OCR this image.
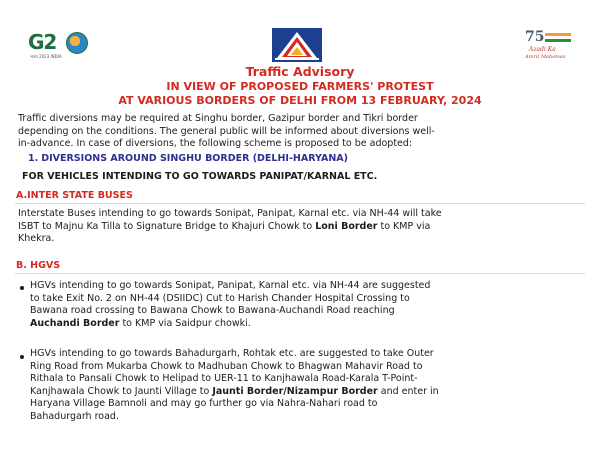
G2
भारत 2023 INDIA
75
Azadi Ka
Amrit Mahotsav
Traffic Advisory
IN VIEW OF PROPOSED FARMERS' PROTEST
AT VARIOUS BORDERS OF DELHI FROM 13 FEBRUARY, 2024
Traffic diversions may be required at Singhu border, Gazipur border and Tikri border
depending on the conditions. The general public will be informed about diversions well-
in-advance. In case of diversions, the following scheme is proposed to be adopted:
1. DIVERSIONS AROUND SINGHU BORDER (DELHI-HARYANA)
FOR VEHICLES INTENDING TO GO TOWARDS PANIPAT/KARNAL ETC.
A.INTER STATE BUSES
Interstate Buses intending to go towards Sonipat, Panipat, Karnal etc. via NH-44 will take
ISBT to Majnu Ka Tilla to Signature Bridge to Khajuri Chowk to Loni Border to KMP via
Khekra.
B. HGVS
HGVs intending to go towards Sonipat, Panipat, Karnal etc. via NH-44 are suggested
to take Exit No. 2 on NH-44 (DSIIDC) Cut to Harish Chander Hospital Crossing to
Bawana road crossing to Bawana Chowk to Bawana-Auchandi Road reaching
Auchandi Border to KMP via Saidpur chowki.
HGVs intending to go towards Bahadurgarh, Rohtak etc. are suggested to take Outer
Ring Road from Mukarba Chowk to Madhuban Chowk to Bhagwan Mahavir Road to
Rithala to Pansali Chowk to Helipad to UER-11 to Kanjhawala Road-Karala T-Point-
Kanjhawala Chowk to Jaunti Village to Jaunti Border/Nizampur Border and enter in
Haryana Village Bamnoli and may go further go via Nahra-Nahari road to
Bahadurgarh road.
